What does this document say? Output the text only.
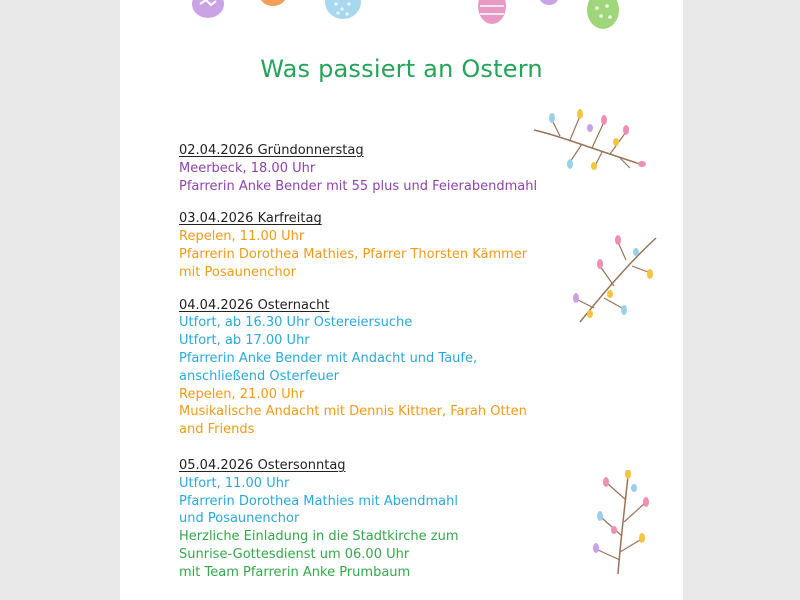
Was passiert an Ostern
02.04.2026 Gründonnerstag
Meerbeck, 18.00 Uhr
Pfarrerin Anke Bender mit 55 plus und Feierabendmahl
03.04.2026 Karfreitag
Repelen, 11.00 Uhr
Pfarrerin Dorothea Mathies, Pfarrer Thorsten Kämmer
mit Posaunenchor
04.04.2026 Osternacht
Utfort, ab 16.30 Uhr Ostereiersuche
Utfort, ab 17.00 Uhr
Pfarrerin Anke Bender mit Andacht und Taufe,
anschließend Osterfeuer
Repelen, 21.00 Uhr
Musikalische Andacht mit Dennis Kittner, Farah Otten
and Friends
05.04.2026 Ostersonntag
Utfort, 11.00 Uhr
Pfarrerin Dorothea Mathies mit Abendmahl
und Posaunenchor
Herzliche Einladung in die Stadtkirche zum
Sunrise-Gottesdienst um 06.00 Uhr
mit Team Pfarrerin Anke Prumbaum
